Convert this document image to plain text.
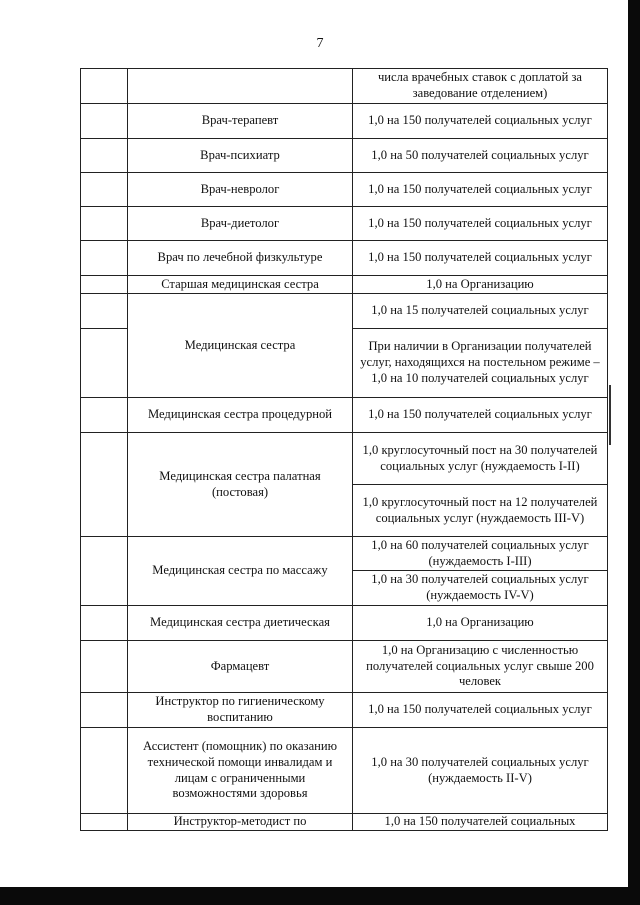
7
		числа врачебных ставок с доплатой за заведование отделением)
	Врач-терапевт	1,0 на 150 получателей социальных услуг
	Врач-психиатр	1,0 на 50 получателей социальных услуг
	Врач-невролог	1,0 на 150 получателей социальных услуг
	Врач-диетолог	1,0 на 150 получателей социальных услуг
	Врач по лечебной физкультуре	1,0 на 150 получателей социальных услуг
	Старшая медицинская сестра	1,0 на Организацию
	Медицинская сестра	1,0 на 15 получателей социальных услуг
		При наличии в Организации получателей услуг, находящихся на постельном режиме – 1,0 на 10 получателей социальных услуг
	Медицинская сестра процедурной	1,0 на 150 получателей социальных услуг
	Медицинская сестра палатная (постовая)	1,0 круглосуточный пост на 30 получателей социальных услуг (нуждаемость I-II)
		1,0 круглосуточный пост на 12 получателей социальных услуг (нуждаемость III-V)
	Медицинская сестра по массажу	1,0 на 60 получателей социальных услуг (нуждаемость I-III)
		1,0 на 30 получателей социальных услуг (нуждаемость IV-V)
	Медицинская сестра диетическая	1,0 на Организацию
	Фармацевт	1,0 на Организацию с численностью получателей социальных услуг свыше 200 человек
	Инструктор по гигиеническому воспитанию	1,0 на 150 получателей социальных услуг
	Ассистент (помощник) по оказанию технической помощи инвалидам и лицам с ограниченными возможностями здоровья	1,0 на 30 получателей социальных услуг (нуждаемость II-V)
	Инструктор-методист по	1,0 на 150 получателей социальных
